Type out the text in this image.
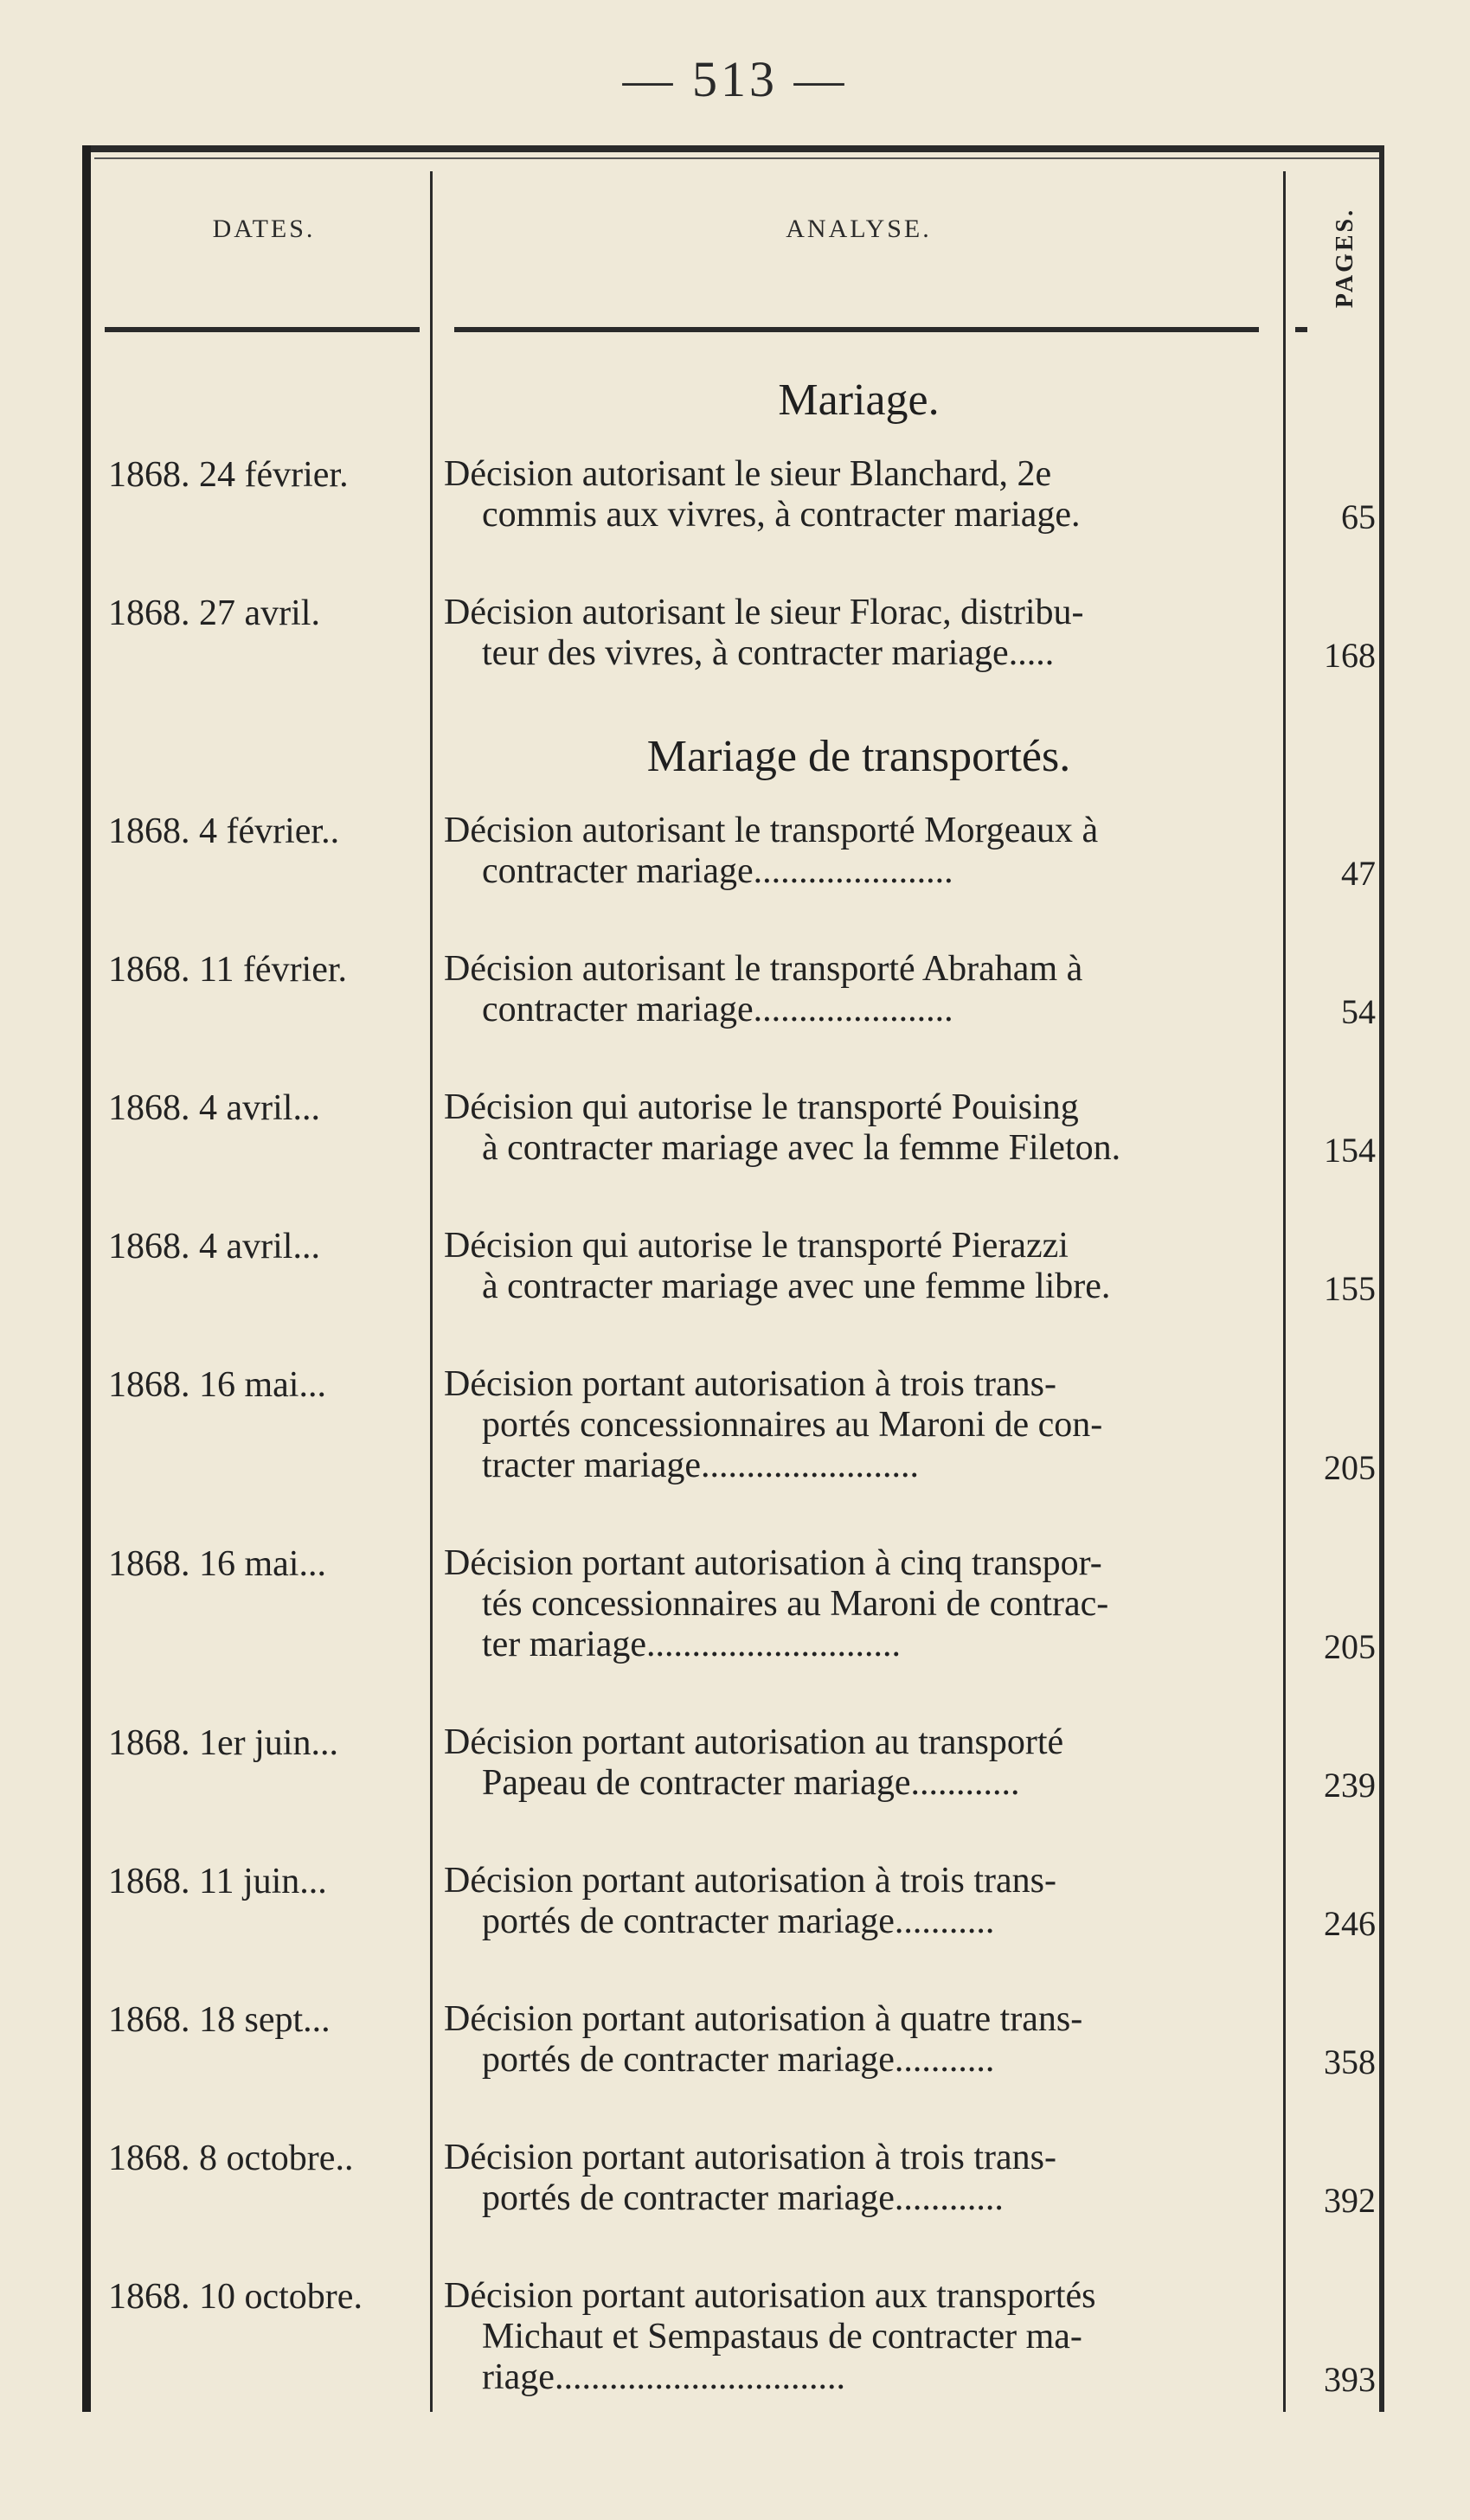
— 513 —
DATES.	ANALYSE.	PAGES.
Mariage.
1868. 24 février.	Décision autorisant le sieur Blanchard, 2e
commis aux vivres, à contracter mariage.	65
1868. 27 avril.	Décision autorisant le sieur Florac, distribu-
teur des vivres, à contracter mariage.....	168
Mariage de transportés.
1868. 4 février..	Décision autorisant le transporté Morgeaux à
contracter mariage......................	47
1868. 11 février.	Décision autorisant le transporté Abraham à
contracter mariage......................	54
1868. 4 avril...	Décision qui autorise le transporté Pouising
à contracter mariage avec la femme Fileton.	154
1868. 4 avril...	Décision qui autorise le transporté Pierazzi
à contracter mariage avec une femme libre.	155
1868. 16 mai...	Décision portant autorisation à trois trans-
portés concessionnaires au Maroni de con-
tracter mariage........................	205
1868. 16 mai...	Décision portant autorisation à cinq transpor-
tés concessionnaires au Maroni de contrac-
ter mariage............................	205
1868. 1er juin...	Décision portant autorisation au transporté
Papeau de contracter mariage............	239
1868. 11 juin...	Décision portant autorisation à trois trans-
portés de contracter mariage...........	246
1868. 18 sept...	Décision portant autorisation à quatre trans-
portés de contracter mariage...........	358
1868. 8 octobre..	Décision portant autorisation à trois trans-
portés de contracter mariage............	392
1868. 10 octobre.	Décision portant autorisation aux transportés
Michaut et Sempastaus de contracter ma-
riage................................	393
